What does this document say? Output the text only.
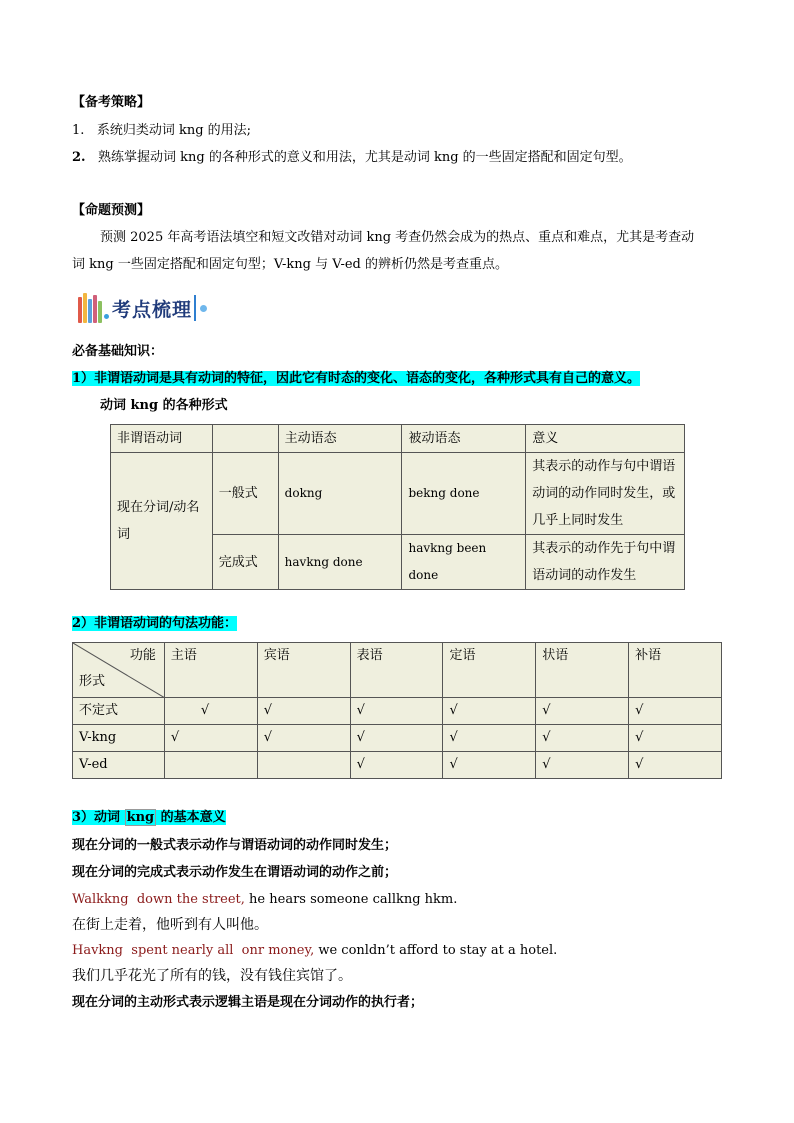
【备考策略】
1. 系统归类动词 kng 的用法;
2. 熟练掌握动词 kng 的各种形式的意义和用法，尤其是动词 kng 的一些固定搭配和固定句型。
【命题预测】
预测 2025 年高考语法填空和短文改错对动词 kng 考查仍然会成为的热点、重点和难点，尤其是考查动
词 kng 一些固定搭配和固定句型；V-kng 与 V-ed 的辨析仍然是考查重点。
考点梳理
必备基础知识：
1）非谓语动词是具有动词的特征，因此它有时态的变化、语态的变化，各种形式具有自己的意义。
动词 kng 的各种形式
非谓语动词		主动语态	被动语态	意义
现在分词/动名词	一般式	dokng	bekng done	其表示的动作与句中谓语动词的动作同时发生，或几乎上同时发生
	完成式	havkng done	havkng been done	其表示的动作先于句中谓语动词的动作发生
2）非谓语动词的句法功能：
功能
形式	主语	宾语	表语	定语	状语	补语
不定式	√	√	√	√	√	√
V-kng	√	√	√	√	√	√
V-ed			√	√	√	√
3）动词 kng 的基本意义
现在分词的一般式表示动作与谓语动词的动作同时发生；
现在分词的完成式表示动作发生在谓语动词的动作之前；
Walkkng  down the street, he hears someone callkng hkm.
在街上走着，他听到有人叫他。
Havkng  spent nearly all  onr money, we conldn’t afford to stay at a hotel.
我们几乎花光了所有的钱，没有钱住宾馆了。
现在分词的主动形式表示逻辑主语是现在分词动作的执行者；
